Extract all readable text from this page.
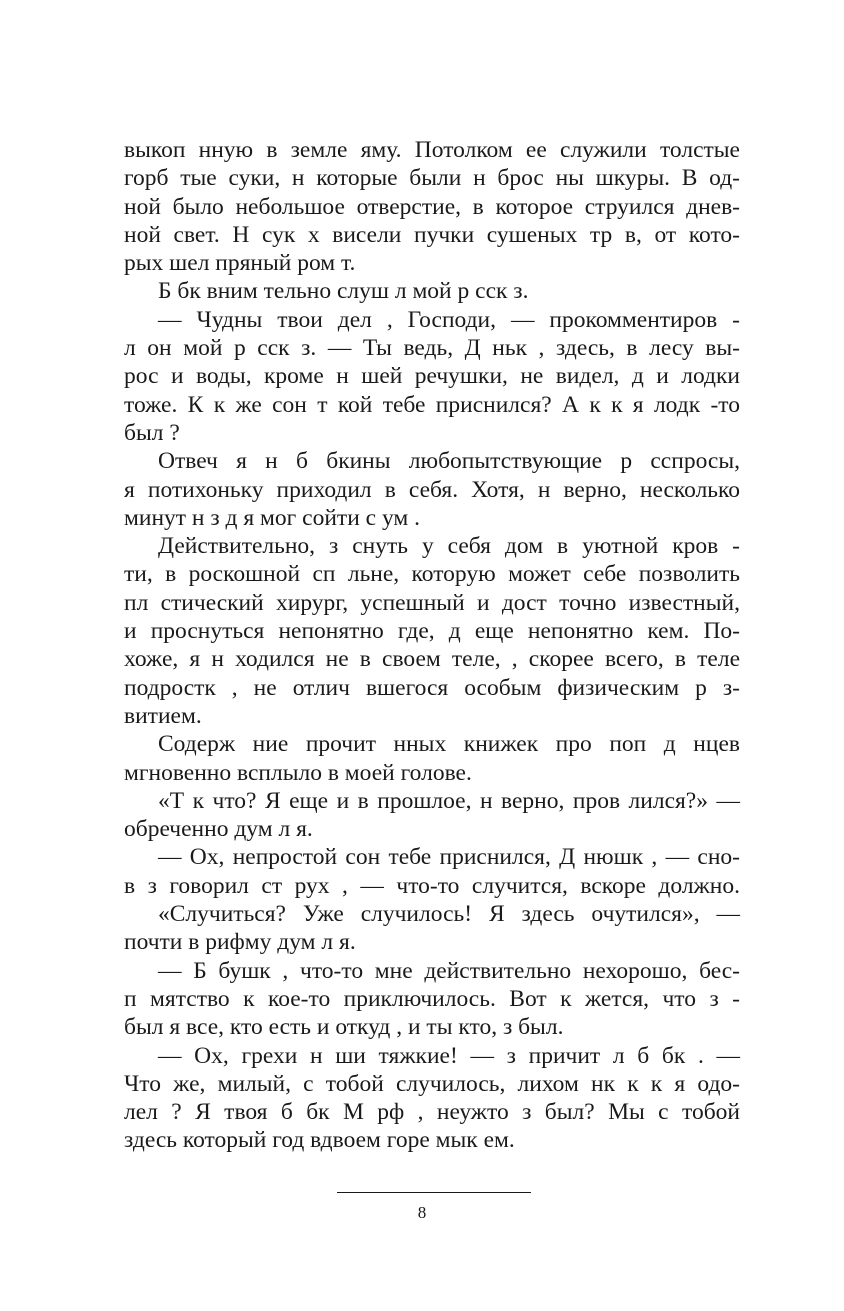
выкоп нную в земле яму. Потолком ее служили толстые
горб тые суки, н которые были н брос ны шкуры. В од-
ной было небольшое отверстие, в которое струился днев-
ной свет. Н сук х висели пучки сушеных тр в, от кото-
рых шел пряный ром т.
Б бк вним тельно слуш л мой р сск з.
— Чудны твои дел , Господи, — прокомментиров -
л он мой р сск з. — Ты ведь, Д ньк , здесь, в лесу вы-
рос и воды, кроме н шей речушки, не видел, д и лодки
тоже. К к же сон т кой тебе приснился? А к к я лодк -то
был ?
Отвеч я н б бкины любопытствующие р сспросы,
я потихоньку приходил в себя. Хотя, н верно, несколько
минут н з д я мог сойти с ум .
Действительно, з снуть у себя дом в уютной кров -
ти, в роскошной сп льне, которую может себе позволить
пл стический хирург, успешный и дост точно известный,
и проснуться непонятно где, д еще непонятно кем. По-
хоже, я н ходился не в своем теле, , скорее всего, в теле
подростк , не отлич вшегося особым физическим р з-
витием.
Содерж ние прочит нных книжек про поп д нцев
мгновенно всплыло в моей голове.
«Т к что? Я еще и в прошлое, н верно, пров лился?» —
обреченно дум л я.
— Ох, непростой сон тебе приснился, Д нюшк , — сно-
в з говорил ст рух , — что-то случится, вскоре должно.
«Случиться? Уже случилось! Я здесь очутился», —
почти в рифму дум л я.
— Б бушк , что-то мне действительно нехорошо, бес-
п мятство к кое-то приключилось. Вот к жется, что з -
был я все, кто есть и откуд , и ты кто, з был.
— Ох, грехи н ши тяжкие! — з причит л б бк . —
Что же, милый, с тобой случилось, лихом нк к к я одо-
лел ? Я твоя б бк М рф , неужто з был? Мы с тобой
здесь который год вдвоем горе мык ем.
8
